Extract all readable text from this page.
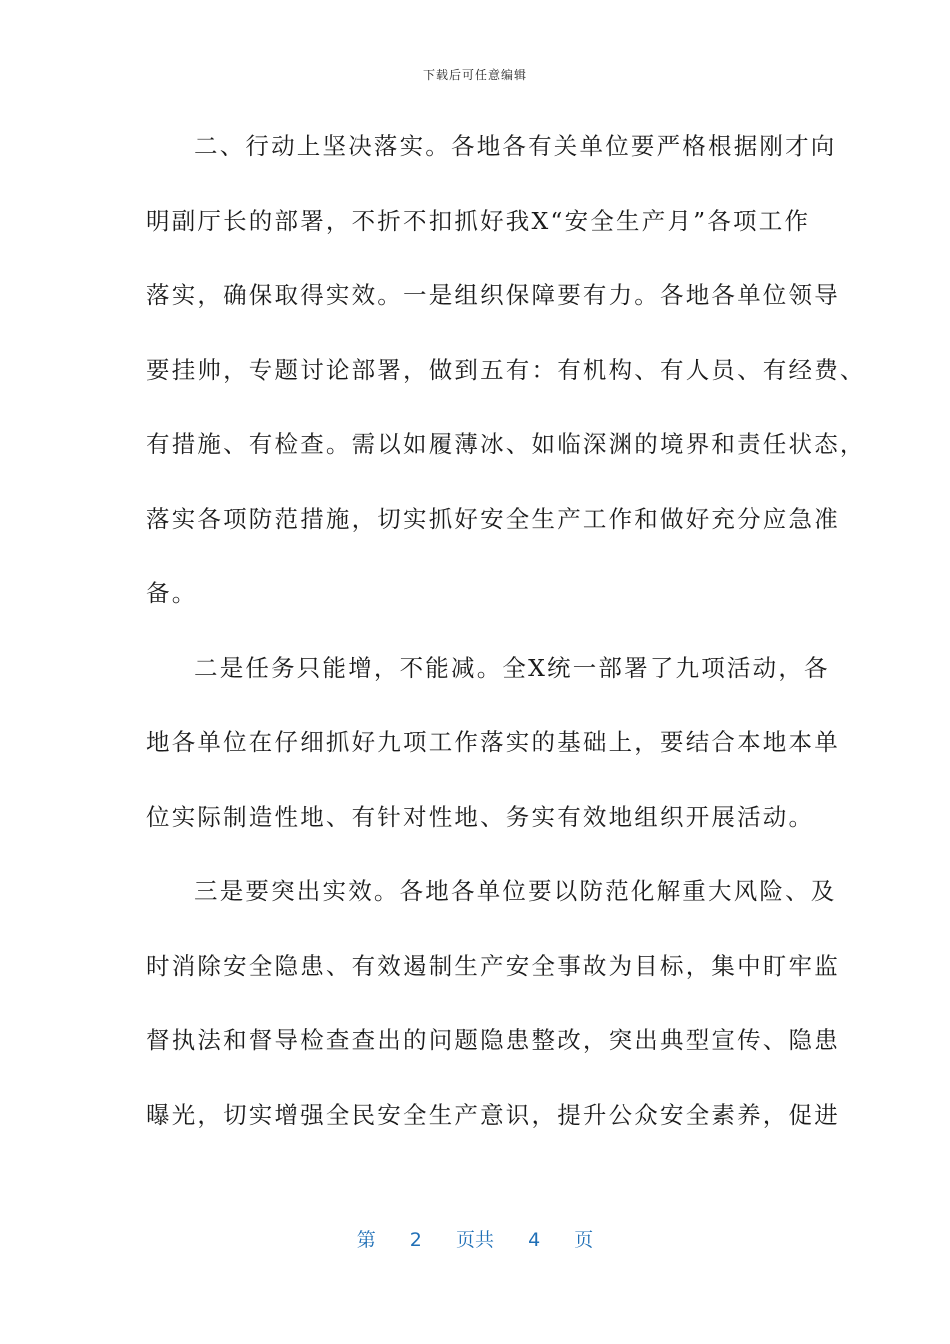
下载后可任意编辑
二、行动上坚决落实。各地各有关单位要严格根据刚才向
明副厅长的部署，不折不扣抓好我X“安全生产月”各项工作
落实，确保取得实效。一是组织保障要有力。各地各单位领导
要挂帅，专题讨论部署，做到五有：有机构、有人员、有经费、
有措施、有检查。需以如履薄冰、如临深渊的境界和责任状态，
落实各项防范措施，切实抓好安全生产工作和做好充分应急准
备。
二是任务只能增，不能减。全X统一部署了九项活动，各
地各单位在仔细抓好九项工作落实的基础上，要结合本地本单
位实际制造性地、有针对性地、务实有效地组织开展活动。
三是要突出实效。各地各单位要以防范化解重大风险、及
时消除安全隐患、有效遏制生产安全事故为目标，集中盯牢监
督执法和督导检查查出的问题隐患整改，突出典型宣传、隐患
曝光，切实增强全民安全生产意识，提升公众安全素养，促进
第 2 页共 4 页
